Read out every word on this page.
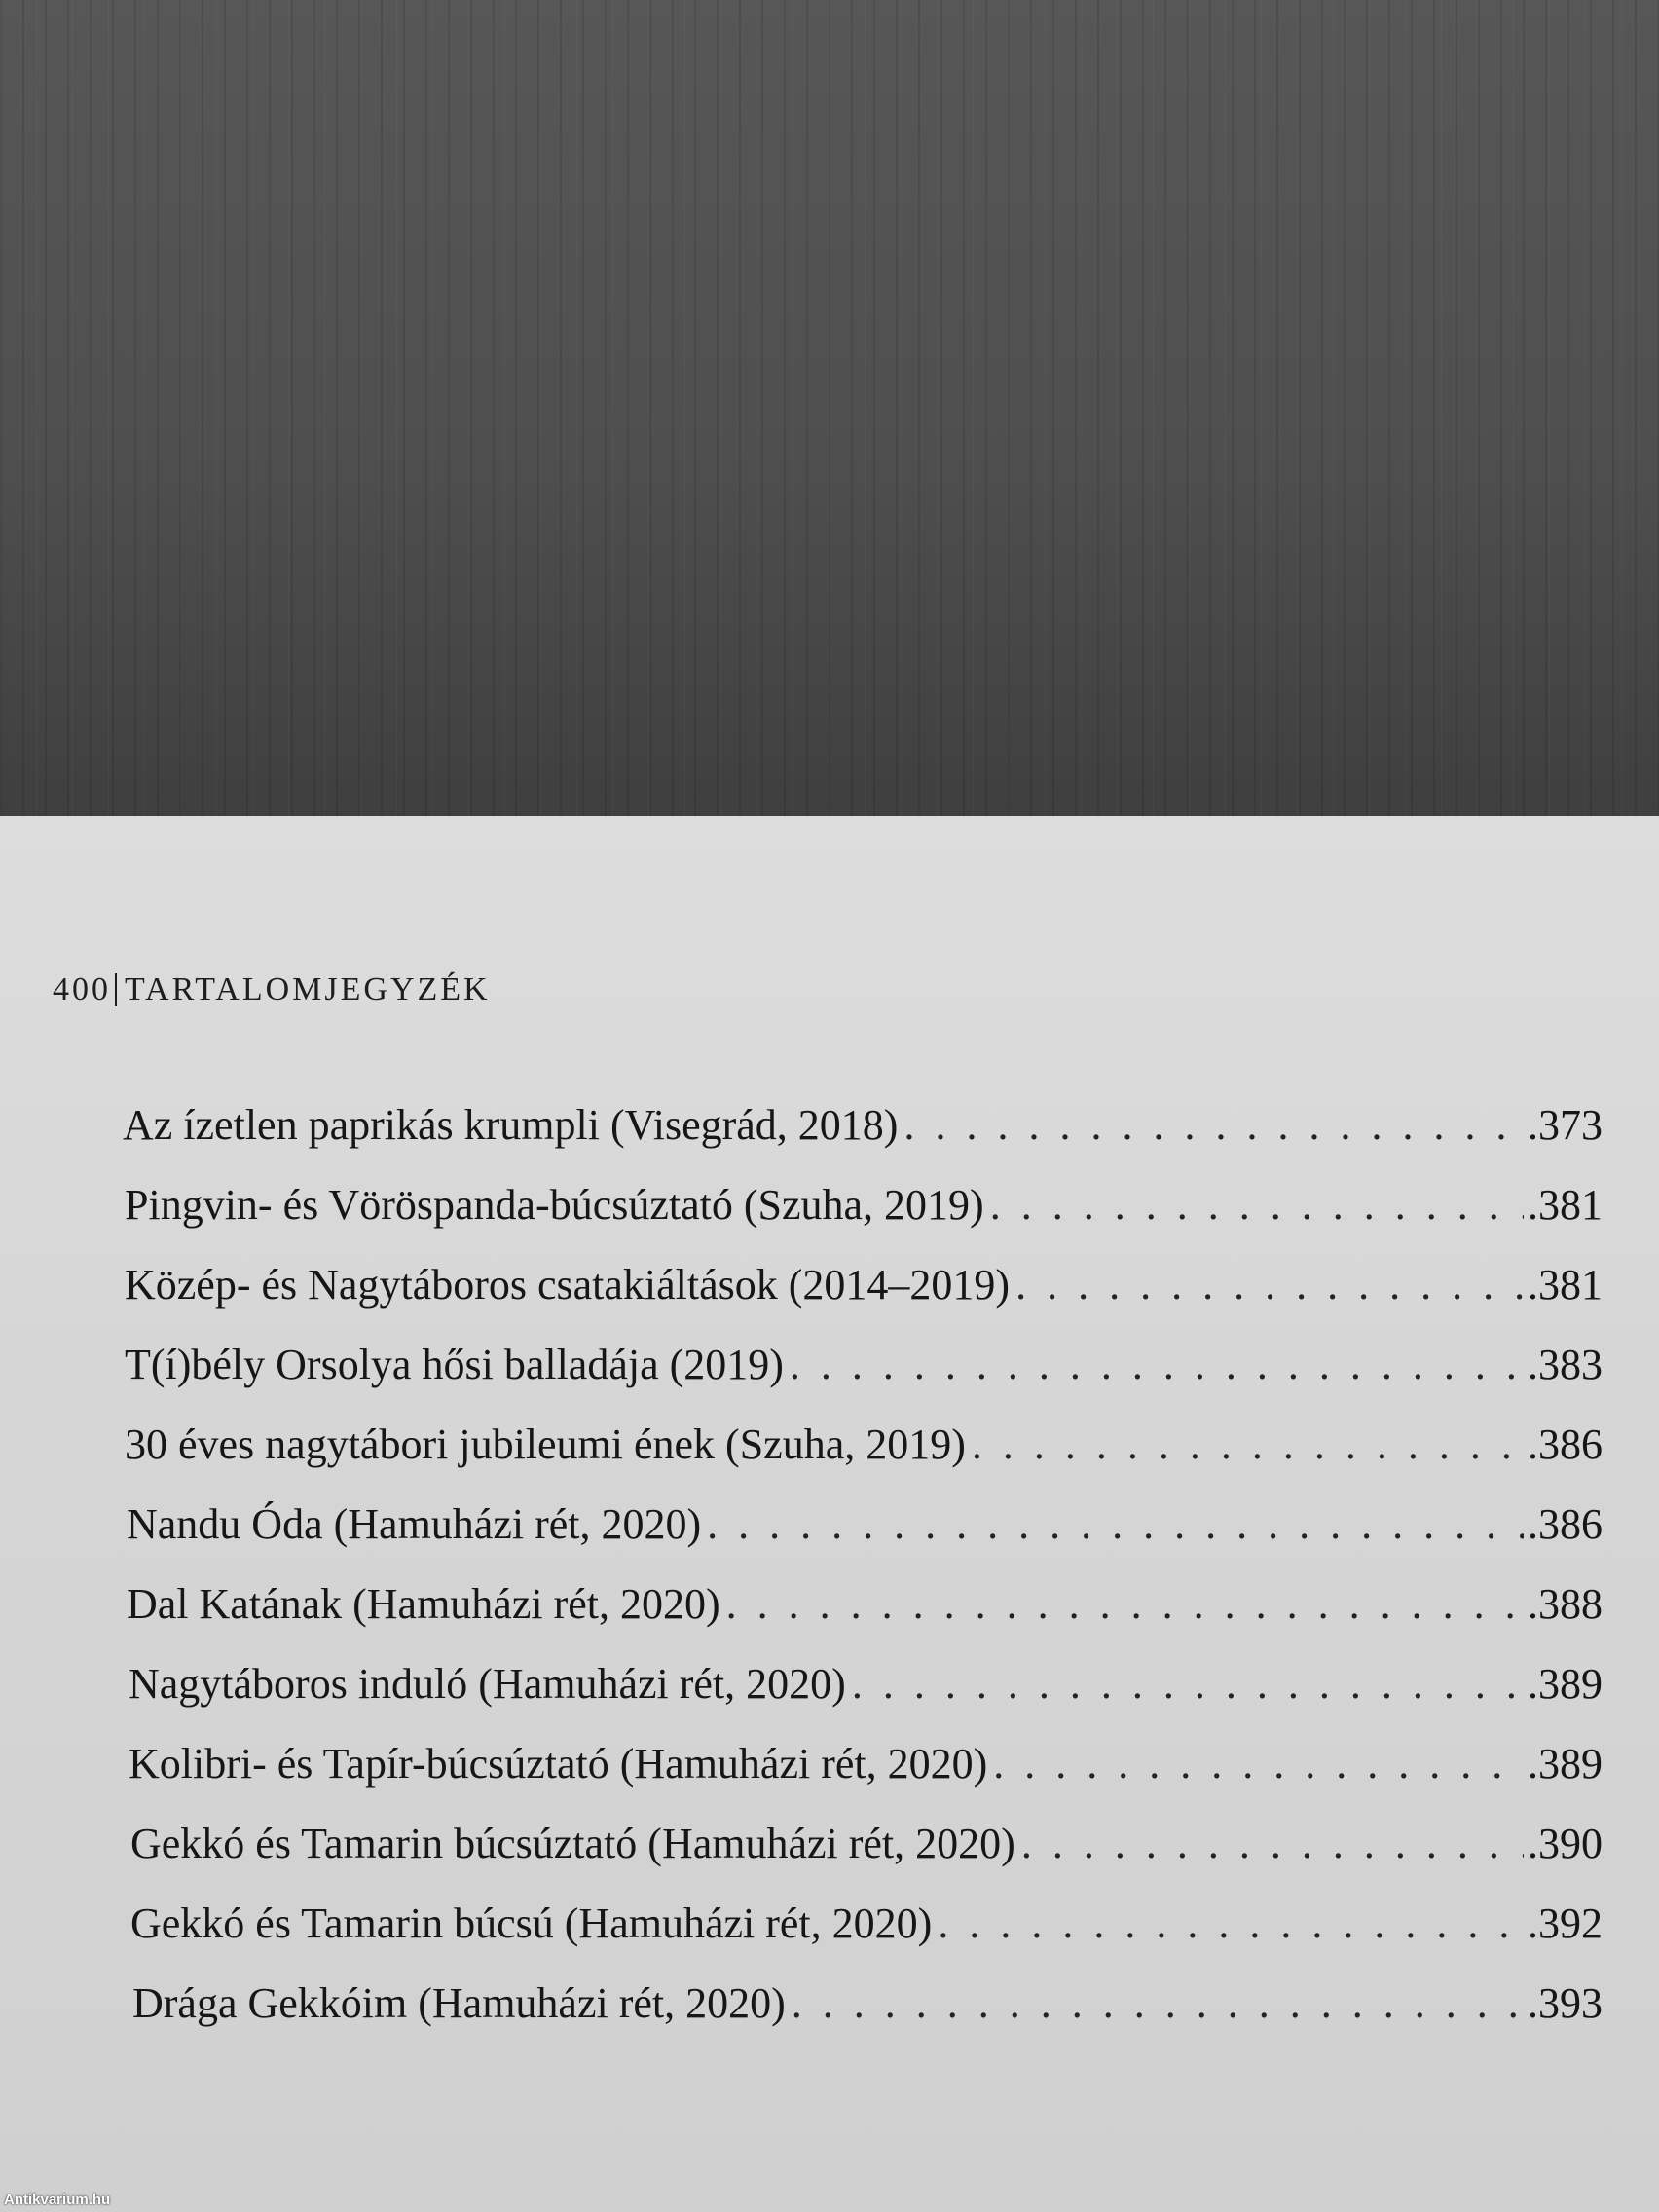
400 TARTALOMJEGYZÉK
Az ízetlen paprikás krumpli (Visegrád, 2018) . . .	.373
Pingvin- és Vöröspanda-búcsúztató (Szuha, 2019) . . .	.381
Közép- és Nagytáboros csatakiáltások (2014–2019) . . .	.381
T(í)bély Orsolya hősi balladája (2019) . . .	.383
30 éves nagytábori jubileumi ének (Szuha, 2019) . . .	.386
Nandu Óda (Hamuházi rét, 2020) . . .	.386
Dal Katának (Hamuházi rét, 2020) . . .	.388
Nagytáboros induló (Hamuházi rét, 2020) . . .	.389
Kolibri- és Tapír-búcsúztató (Hamuházi rét, 2020) . . .	.389
Gekkó és Tamarin búcsúztató (Hamuházi rét, 2020) . . .	.390
Gekkó és Tamarin búcsú (Hamuházi rét, 2020) . . .	.392
Drága Gekkóim (Hamuházi rét, 2020) . . .	.393
Antikvarium.hu
